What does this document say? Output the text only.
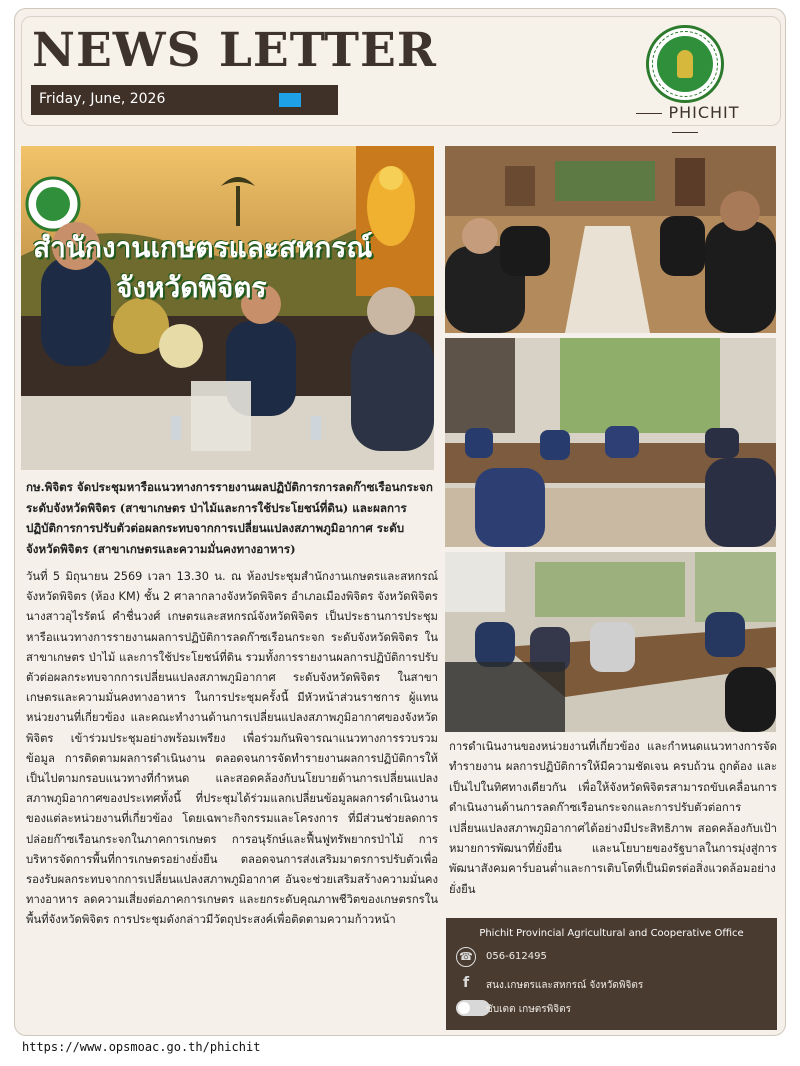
NEWS LETTER
Friday, June, 2026
PHICHIT
สำนักงานเกษตรและสหกรณ์
จังหวัดพิจิตร
กษ.พิจิตร จัดประชุมหารือแนวทางการรายงานผลปฏิบัติการการลดก๊าซเรือนกระจก ระดับจังหวัดพิจิตร (สาขาเกษตร ป่าไม้และการใช้ประโยชน์ที่ดิน) และผลการปฏิบัติการการปรับตัวต่อผลกระทบจากการเปลี่ยนแปลงสภาพภูมิอากาศ ระดับจังหวัดพิจิตร (สาขาเกษตรและความมั่นคงทางอาหาร)
วันที่ 5 มิถุนายน 2569 เวลา 13.30 น. ณ ห้องประชุมสำนักงานเกษตรและสหกรณ์จังหวัดพิจิตร (ห้อง KM) ชั้น 2 ศาลากลางจังหวัดพิจิตร อำเภอเมืองพิจิตร จังหวัดพิจิตร นางสาวอุไรรัตน์ คำชื่นวงศ์ เกษตรและสหกรณ์จังหวัดพิจิตร เป็นประธานการประชุมหารือแนวทางการรายงานผลการปฏิบัติการลดก๊าซเรือนกระจก ระดับจังหวัดพิจิตร ในสาขาเกษตร ป่าไม้ และการใช้ประโยชน์ที่ดิน รวมทั้งการรายงานผลการปฏิบัติการปรับตัวต่อผลกระทบจากการเปลี่ยนแปลงสภาพภูมิอากาศ ระดับจังหวัดพิจิตร ในสาขาเกษตรและความมั่นคงทางอาหาร ในการประชุมครั้งนี้ มีหัวหน้าส่วนราชการ ผู้แทนหน่วยงานที่เกี่ยวข้อง และคณะทำงานด้านการเปลี่ยนแปลงสภาพภูมิอากาศของจังหวัดพิจิตร เข้าร่วมประชุมอย่างพร้อมเพรียง เพื่อร่วมกันพิจารณาแนวทางการรวบรวมข้อมูล การติดตามผลการดำเนินงาน ตลอดจนการจัดทำรายงานผลการปฏิบัติการให้เป็นไปตามกรอบแนวทางที่กำหนด และสอดคล้องกับนโยบายด้านการเปลี่ยนแปลงสภาพภูมิอากาศของประเทศทั้งนี้ ที่ประชุมได้ร่วมแลกเปลี่ยนข้อมูลผลการดำเนินงานของแต่ละหน่วยงานที่เกี่ยวข้อง โดยเฉพาะกิจกรรมและโครงการ ที่มีส่วนช่วยลดการปล่อยก๊าซเรือนกระจกในภาคการเกษตร การอนุรักษ์และฟื้นฟูทรัพยากรป่าไม้ การบริหารจัดการพื้นที่การเกษตรอย่างยั่งยืน ตลอดจนการส่งเสริมมาตรการปรับตัวเพื่อรองรับผลกระทบจากการเปลี่ยนแปลงสภาพภูมิอากาศ อันจะช่วยเสริมสร้างความมั่นคงทางอาหาร ลดความเสี่ยงต่อภาคการเกษตร และยกระดับคุณภาพชีวิตของเกษตรกรในพื้นที่จังหวัดพิจิตร การประชุมดังกล่าวมีวัตถุประสงค์เพื่อติดตามความก้าวหน้า
การดำเนินงานของหน่วยงานที่เกี่ยวข้อง และกำหนดแนวทางการจัดทำรายงาน ผลการปฏิบัติการให้มีความชัดเจน ครบถ้วน ถูกต้อง และเป็นไปในทิศทางเดียวกัน เพื่อให้จังหวัดพิจิตรสามารถขับเคลื่อนการดำเนินงานด้านการลดก๊าซเรือนกระจกและการปรับตัวต่อการเปลี่ยนแปลงสภาพภูมิอากาศได้อย่างมีประสิทธิภาพ สอดคล้องกับเป้าหมายการพัฒนาที่ยั่งยืน และนโยบายของรัฐบาลในการมุ่งสู่การพัฒนาสังคมคาร์บอนต่ำและการเติบโตที่เป็นมิตรต่อสิ่งแวดล้อมอย่างยั่งยืน
Phichit Provincial Agricultural and Cooperative Office
☎	056-612495
f	สนง.เกษตรและสหกรณ์ จังหวัดพิจิตร
ซับเตต เกษตรพิจิตร
https://www.opsmoac.go.th/phichit
